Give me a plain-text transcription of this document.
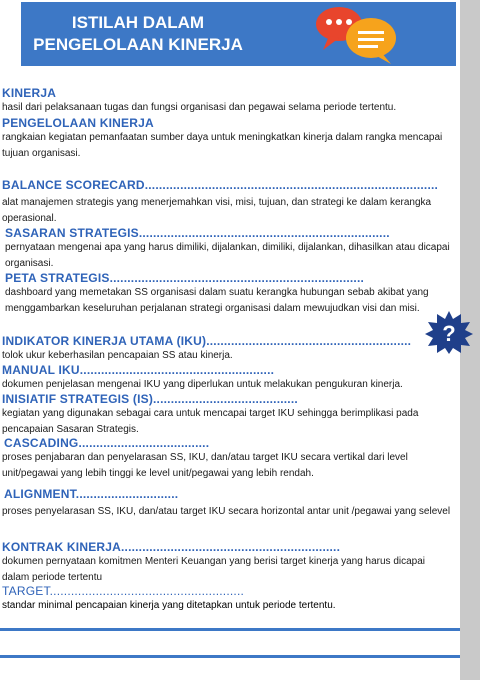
ISTILAH DALAM
PENGELOLAAN KINERJA
KINERJA
hasil dari pelaksanaan tugas dan fungsi organisasi dan pegawai selama periode tertentu.
PENGELOLAAN KINERJA
rangkaian kegiatan pemanfaatan sumber daya untuk meningkatkan kinerja dalam rangka mencapai tujuan organisasi.
BALANCE SCORECARD...................................................................................
alat manajemen strategis yang menerjemahkan visi, misi, tujuan, dan strategi ke dalam kerangka operasional.
SASARAN STRATEGIS.......................................................................
pernyataan mengenai apa yang harus dimiliki, dijalankan, dimiliki, dijalankan, dihasilkan atau dicapai organisasi.
PETA STRATEGIS........................................................................
dashboard yang memetakan SS organisasi dalam suatu kerangka hubungan sebab akibat yang menggambarkan keseluruhan perjalanan strategi organisasi dalam mewujudkan visi dan misi.
INDIKATOR KINERJA UTAMA (IKU)..........................................................
tolok ukur keberhasilan pencapaian SS atau kinerja.
MANUAL IKU.......................................................
dokumen penjelasan mengenai IKU yang diperlukan untuk melakukan pengukuran kinerja.
INISIATIF STRATEGIS (IS).........................................
kegiatan yang digunakan sebagai cara untuk mencapai target IKU sehingga berimplikasi pada pencapaian Sasaran Strategis.
CASCADING.....................................
proses penjabaran dan penyelarasan SS, IKU, dan/atau target IKU secara vertikal dari level unit/pegawai yang lebih tinggi ke level unit/pegawai yang lebih rendah.
ALIGNMENT.............................
proses penyelarasan SS, IKU, dan/atau target IKU secara horizontal antar unit /pegawai yang selevel
KONTRAK KINERJA..............................................................
dokumen pernyataan komitmen Menteri Keuangan yang berisi target kinerja yang harus dicapai dalam periode tertentu
TARGET.......................................................
standar minimal pencapaian kinerja yang ditetapkan untuk periode tertentu.
?
